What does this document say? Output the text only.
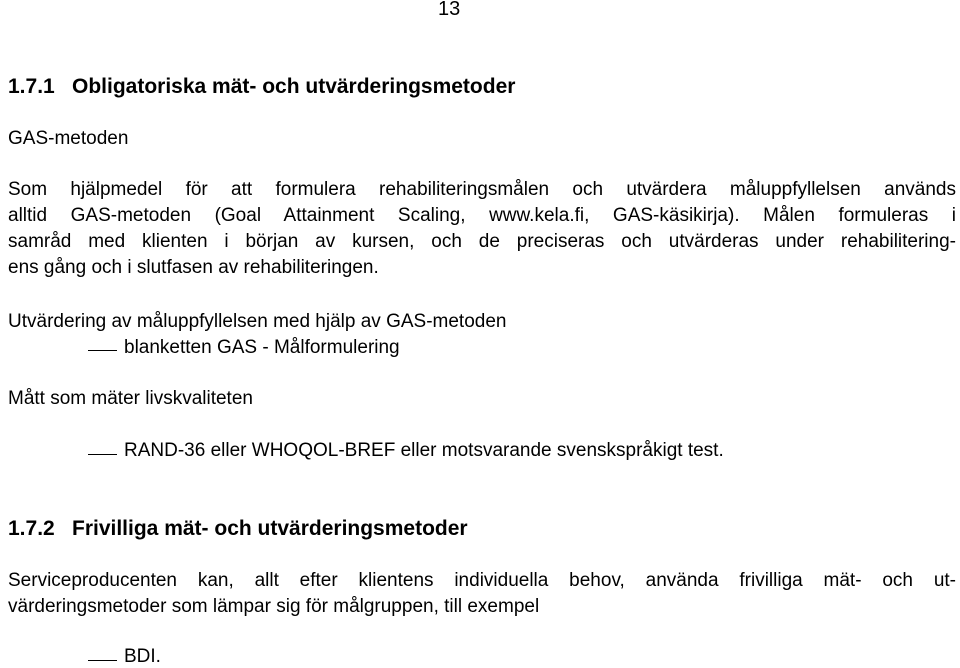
13
1.7.1 Obligatoriska mät- och utvärderingsmetoder
GAS-metoden
Som hjälpmedel för att formulera rehabiliteringsmålen och utvärdera måluppfyllelsen används
alltid GAS-metoden (Goal Attainment Scaling, www.kela.fi, GAS-käsikirja). Målen formuleras i
samråd med klienten i början av kursen, och de preciseras och utvärderas under rehabilitering-
ens gång och i slutfasen av rehabiliteringen.
Utvärdering av måluppfyllelsen med hjälp av GAS-metoden
blanketten GAS - Målformulering
Mått som mäter livskvaliteten
RAND-36 eller WHOQOL-BREF eller motsvarande svenskspråkigt test.
1.7.2 Frivilliga mät- och utvärderingsmetoder
Serviceproducenten kan, allt efter klientens individuella behov, använda frivilliga mät- och ut-
värderingsmetoder som lämpar sig för målgruppen, till exempel
BDI.
